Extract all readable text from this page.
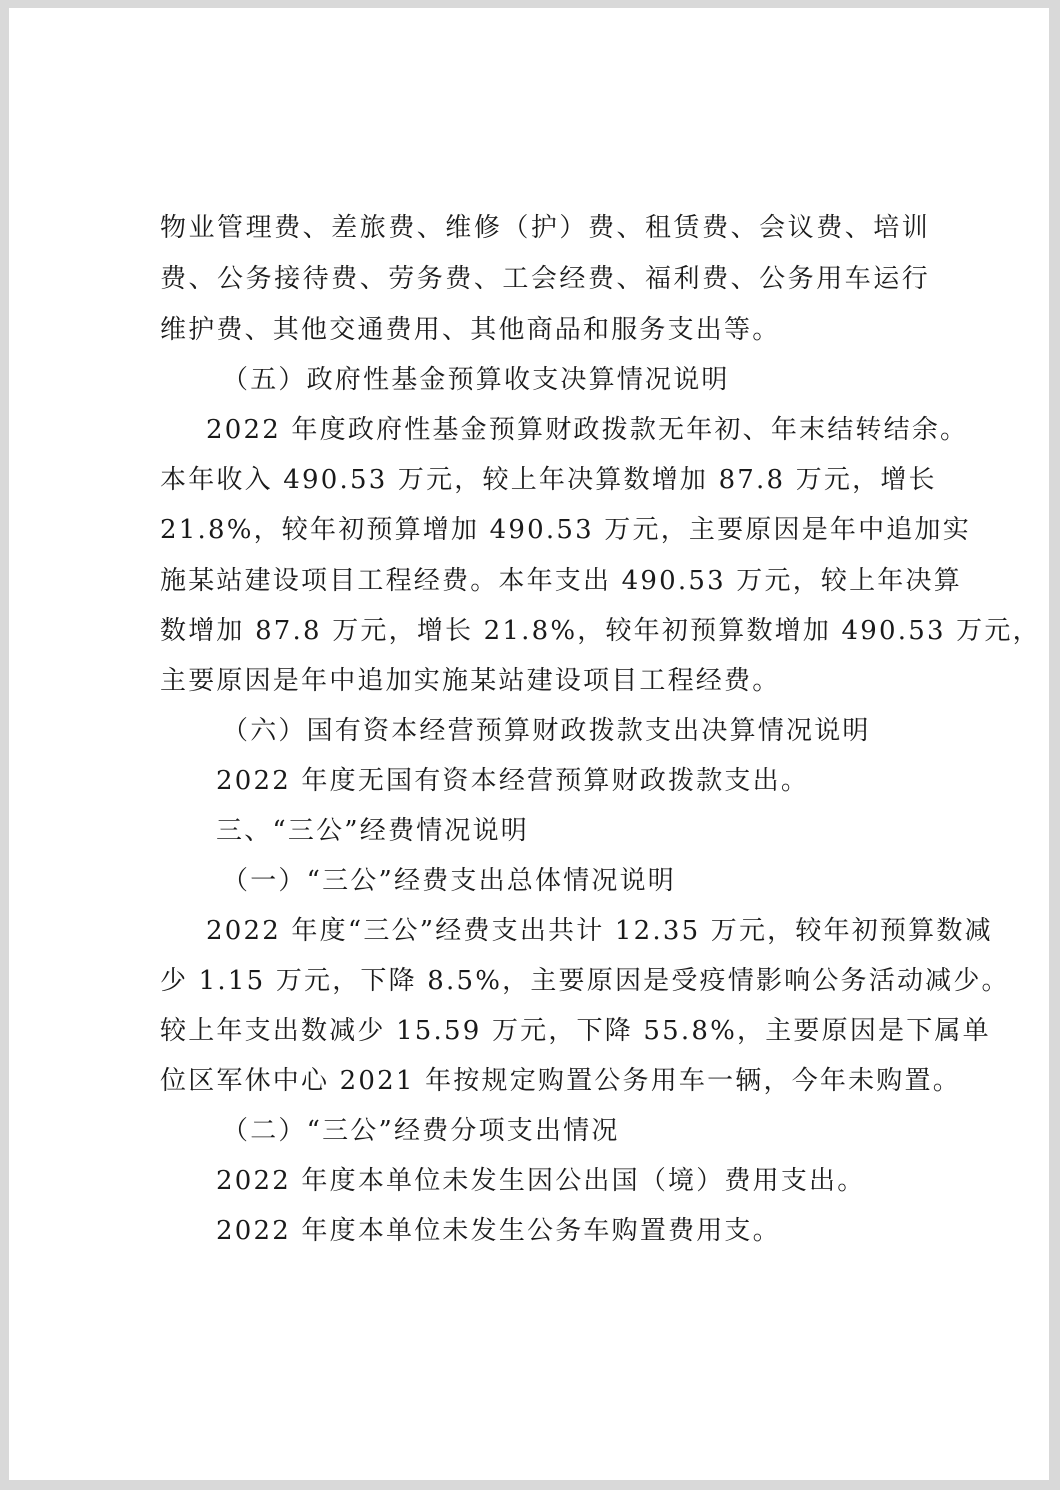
物业管理费、差旅费、维修（护）费、租赁费、会议费、培训
费、公务接待费、劳务费、工会经费、福利费、公务用车运行
维护费、其他交通费用、其他商品和服务支出等。
（五）政府性基金预算收支决算情况说明
2022 年度政府性基金预算财政拨款无年初、年末结转结余。
本年收入 490.53 万元，较上年决算数增加 87.8 万元，增长
21.8%，较年初预算增加 490.53 万元，主要原因是年中追加实
施某站建设项目工程经费。本年支出 490.53 万元，较上年决算
数增加 87.8 万元，增长 21.8%，较年初预算数增加 490.53 万元，
主要原因是年中追加实施某站建设项目工程经费。
（六）国有资本经营预算财政拨款支出决算情况说明
2022 年度无国有资本经营预算财政拨款支出。
三、“三公”经费情况说明
（一）“三公”经费支出总体情况说明
2022 年度“三公”经费支出共计 12.35 万元，较年初预算数减
少 1.15 万元，下降 8.5%，主要原因是受疫情影响公务活动减少。
较上年支出数减少 15.59 万元，下降 55.8%，主要原因是下属单
位区军休中心 2021 年按规定购置公务用车一辆，今年未购置。
（二）“三公”经费分项支出情况
2022 年度本单位未发生因公出国（境）费用支出。
2022 年度本单位未发生公务车购置费用支。
